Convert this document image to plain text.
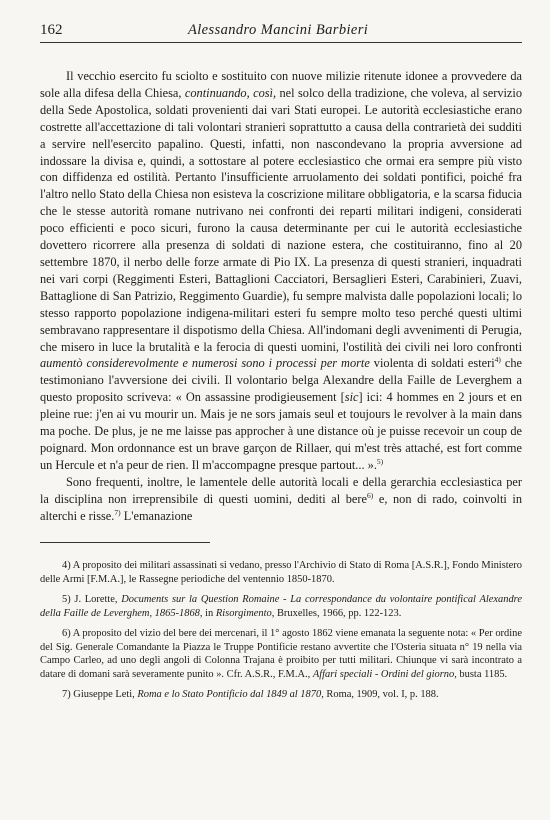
162	Alessandro Mancini Barbieri

Il vecchio esercito fu sciolto e sostituito con nuove milizie ritenute idonee a provvedere da sole alla difesa della Chiesa, continuando, così, nel solco della tradizione, che voleva, al servizio della Sede Apostolica, soldati provenienti dai vari Stati europei. Le autorità ecclesiastiche erano costrette all'accettazione di tali volontari stranieri soprattutto a causa della contrarietà dei sudditi a servire nell'esercito papalino. Questi, infatti, non nascondevano la propria avversione ad indossare la divisa e, quindi, a sottostare al potere ecclesiastico che ormai era sempre più visto con diffidenza ed ostilità. Pertanto l'insufficiente arruolamento dei soldati pontifici, poiché fra l'altro nello Stato della Chiesa non esisteva la coscrizione militare obbligatoria, e la scarsa fiducia che le stesse autorità romane nutrivano nei confronti dei reparti militari indigeni, considerati poco efficienti e poco sicuri, furono la causa determinante per cui le autorità ecclesiastiche dovettero ricorrere alla presenza di soldati di nazione estera, che costituiranno, fino al 20 settembre 1870, il nerbo delle forze armate di Pio IX. La presenza di questi stranieri, inquadrati nei vari corpi (Reggimenti Esteri, Battaglioni Cacciatori, Bersaglieri Esteri, Carabinieri, Zuavi, Battaglione di San Patrizio, Reggimento Guardie), fu sempre malvista dalle popolazioni locali; lo stesso rapporto popolazione indigena-militari esteri fu sempre molto teso perché questi ultimi sembravano rappresentare il dispotismo della Chiesa. All'indomani degli avvenimenti di Perugia, che misero in luce la brutalità e la ferocia di questi uomini, l'ostilità dei civili nei loro confronti aumentò considerevolmente e numerosi sono i processi per morte violenta di soldati esteri$^{4)}$ che testimoniano l'avversione dei civili. Il volontario belga Alexandre della Faille de Leverghem a questo proposito scriveva: « On assassine prodigieusement [sic] ici: 4 hommes en 2 jours et en pleine rue: j'en ai vu mourir un. Mais je ne sors jamais seul et toujours le revolver à la main dans ma poche. De plus, je ne me laisse pas approcher à une distance où je puisse recevoir un coup de poignard. Mon ordonnance est un brave garçon de Rillaer, qui m'est très attaché, est fort comme un Hercule et n'a peur de rien. Il m'accompagne presque partout... ».$^{5)}$

Sono frequenti, inoltre, le lamentele delle autorità locali e della gerarchia ecclesiastica per la disciplina non irreprensibile di questi uomini, dediti al bere$^{6)}$ e, non di rado, coinvolti in alterchi e risse.$^{7)}$ L'emanazione

4) A proposito dei militari assassinati si vedano, presso l'Archivio di Stato di Roma [A.S.R.], Fondo Ministero delle Armi [F.M.A.], le Rassegne periodiche del ventennio 1850-1870.

5) J. Lorette, Documents sur la Question Romaine - La correspondance du volontaire pontifical Alexandre della Faille de Leverghem, 1865-1868, in Risorgimento, Bruxelles, 1966, pp. 122-123.

6) A proposito del vizio del bere dei mercenari, il 1° agosto 1862 viene emanata la seguente nota: « Per ordine del Sig. Generale Comandante la Piazza le Truppe Pontificie restano avvertite che l'Osteria situata n° 19 nella via Campo Carleo, ad uno degli angoli di Colonna Trajana è proibito per tutti militari. Chiunque vi sarà incontrato a datare di domani sarà severamente punito ». Cfr. A.S.R., F.M.A., Affari speciali - Ordini del giorno, busta 1185.

7) Giuseppe Leti, Roma e lo Stato Pontificio dal 1849 al 1870, Roma, 1909, vol. I, p. 188.
